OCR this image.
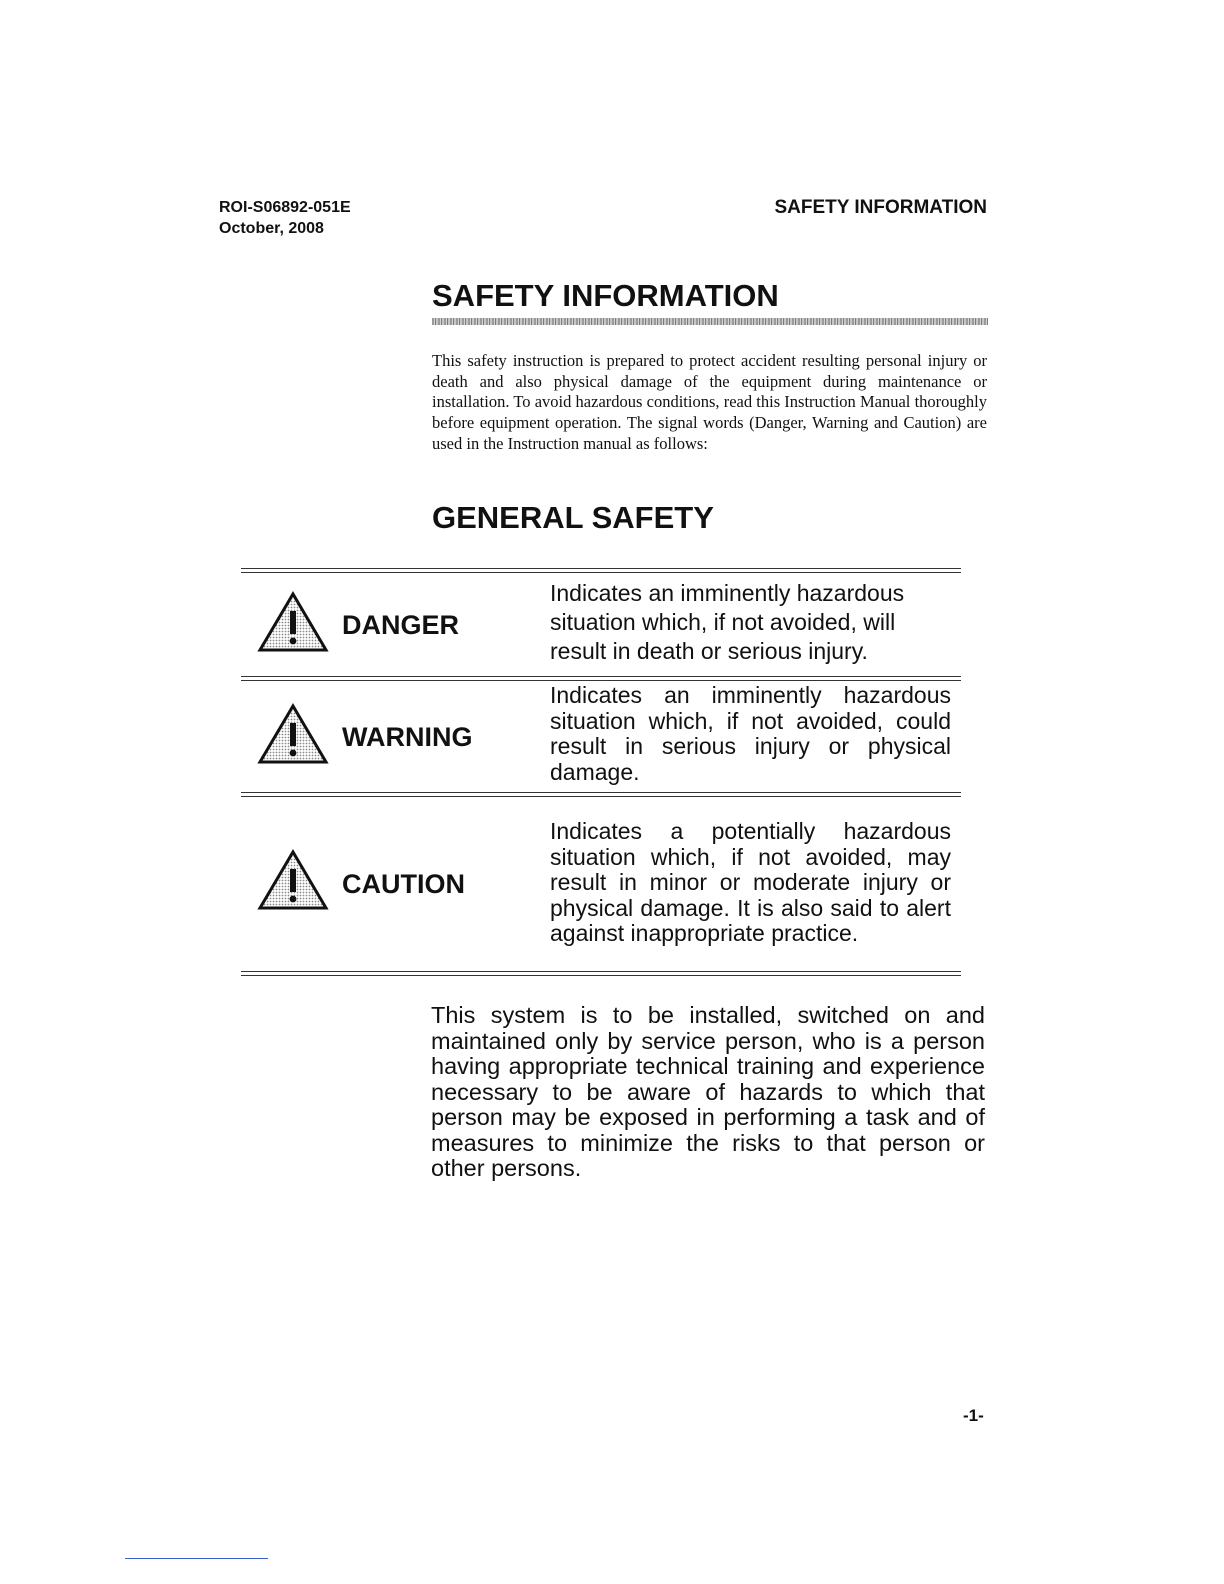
ROI-S06892-051E
October, 2008
SAFETY INFORMATION
SAFETY INFORMATION

This safety instruction is prepared to protect accident resulting personal injury or death and also physical damage of the equipment during maintenance or installation. To avoid hazardous conditions, read this Instruction Manual thoroughly before equipment operation. The signal words (Danger, Warning and Caution) are used in the Instruction manual as follows:

GENERAL SAFETY
DANGER
Indicates an imminently hazardous situation which, if not avoided, will result in death or serious injury.
WARNING
Indicates an imminently hazardous situation which, if not avoided, could result in serious injury or physical damage.
CAUTION
Indicates a potentially hazardous situation which, if not avoided, may result in minor or moderate injury or physical damage. It is also said to alert against inappropriate practice.

This system is to be installed, switched on and maintained only by service person, who is a person having appropriate technical training and experience necessary to be aware of hazards to which that person may be exposed in performing a task and of measures to minimize the risks to that person or other persons.

-1-
